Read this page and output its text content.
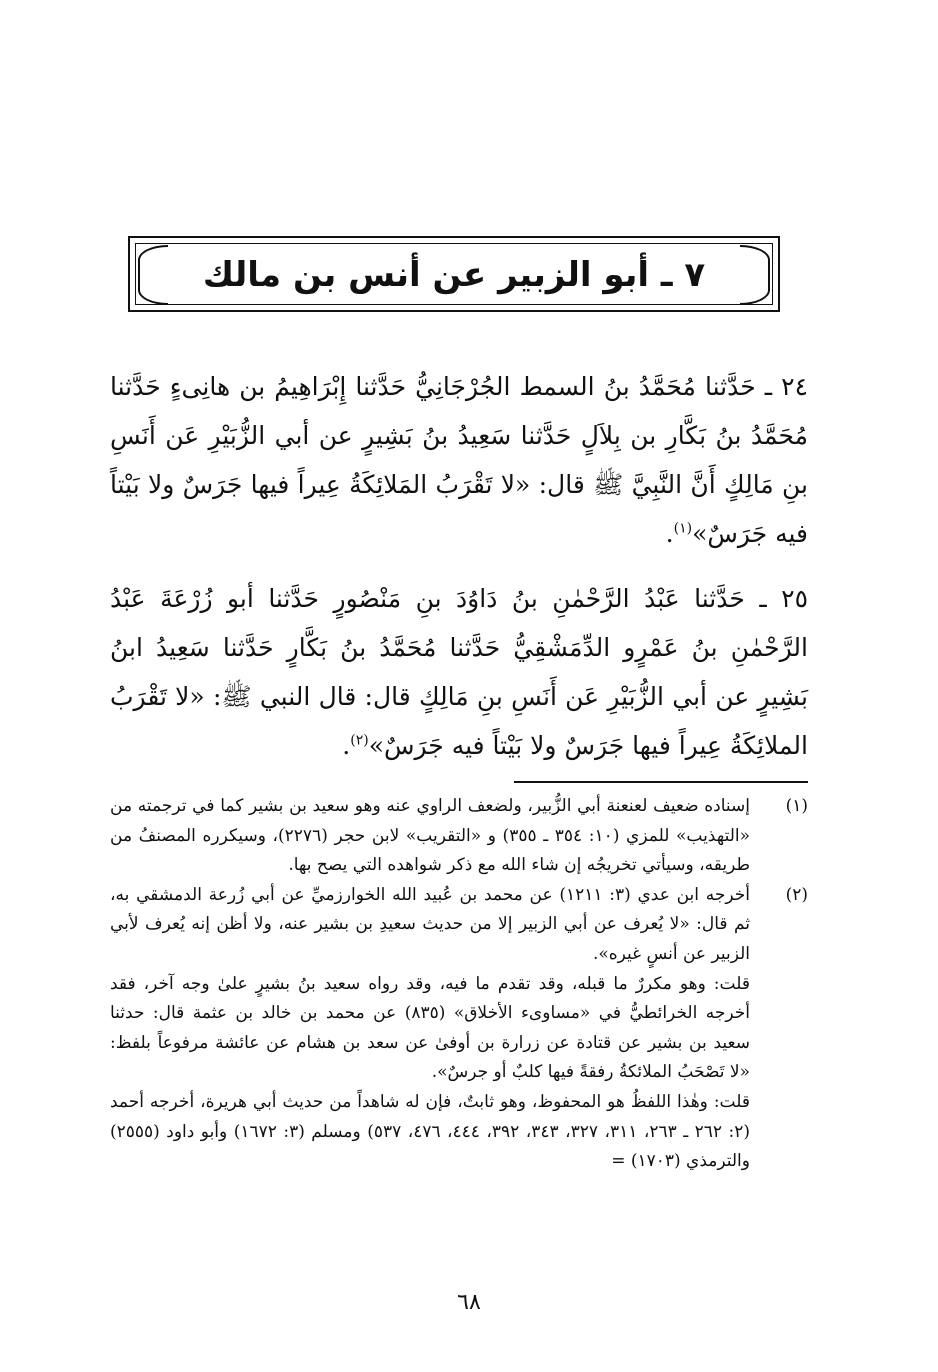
٧ ـ أبو الزبير عن أنس بن مالك

٢٤ ـ حَدَّثنا مُحَمَّدُ بنُ السمط الجُرْجَانِيُّ حَدَّثنا إِبْرَاهِيمُ بن هانِىءٍ حَدَّثنا مُحَمَّدُ بنُ بَكَّارِ بن بِلاَلٍ حَدَّثنا سَعِيدُ بنُ بَشِيرٍ عن أبي الزُّبَيْرِ عَن أَنَسِ بنِ مَالِكٍ أَنَّ النَّبِيَّ ﷺ قال: «لا تَقْرَبُ المَلائِكَةُ عِيراً فيها جَرَسٌ ولا بَيْتاً فيه جَرَسٌ»$^{(١)}$.

٢٥ ـ حَدَّثنا عَبْدُ الرَّحْمٰنِ بنُ دَاوُدَ بنِ مَنْصُورٍ حَدَّثنا أبو زُرْعَةَ عَبْدُ الرَّحْمٰنِ بنُ عَمْرٍو الدِّمَشْقِيُّ حَدَّثنا مُحَمَّدُ بنُ بَكَّارٍ حَدَّثنا سَعِيدُ ابنُ بَشِيرٍ عن أبي الزُّبَيْرِ عَن أَنَسِ بنِ مَالِكٍ قال: قال النبي ﷺ: «لا تَقْرَبُ الملائِكَةُ عِيراً فيها جَرَسٌ ولا بَيْتاً فيه جَرَسٌ»$^{(٢)}$.

(١)

إسناده ضعيف لعنعنة أبي الزُّبير، ولضعف الراوي عنه وهو سعيد بن بشير كما في ترجمته من «التهذيب» للمزي (١٠: ٣٥٤ ـ ٣٥٥) و «التقريب» لابن حجر (٢٢٧٦)، وسيكرره المصنفُ من طريقه، وسيأتي تخريجُه إن شاء الله مع ذكر شواهده التي يصح بها.

(٢)

أخرجه ابن عدي (٣: ١٢١١) عن محمد بن عُبيد الله الخوارزميِّ عن أبي زُرعة الدمشقي به، ثم قال: «لا يُعرف عن أبي الزبير إلا من حديث سعيدِ بن بشير عنه، ولا أظن إنه يُعرف لأبي الزبير عن أنسٍ غيره».

قلت: وهو مكررٌ ما قبله، وقد تقدم ما فيه، وقد رواه سعيد بنُ بشيرٍ علىٰ وجه آخر، فقد أخرجه الخرائطيُّ في «مساوىء الأخلاق» (٨٣٥) عن محمد بن خالد بن عثمة قال: حدثنا سعيد بن بشير عن قتادة عن زرارة بن أوفىٰ عن سعد بن هشام عن عائشة مرفوعاً بلفظ: «لا تَصْحَبُ الملائكةُ رفقةً فيها كلبٌ أو جرسٌ».

قلت: وهٰذا اللفظُ هو المحفوظ، وهو ثابتٌ، فإن له شاهداً من حديث أبي هريرة، أخرجه أحمد (٢: ٢٦٢ ـ ٢٦٣، ٣١١، ٣٢٧، ٣٤٣، ٣٩٢، ٤٤٤، ٤٧٦، ٥٣٧) ومسلم (٣: ١٦٧٢) وأبو داود (٢٥٥٥) والترمذي (١٧٠٣) =

٦٨
